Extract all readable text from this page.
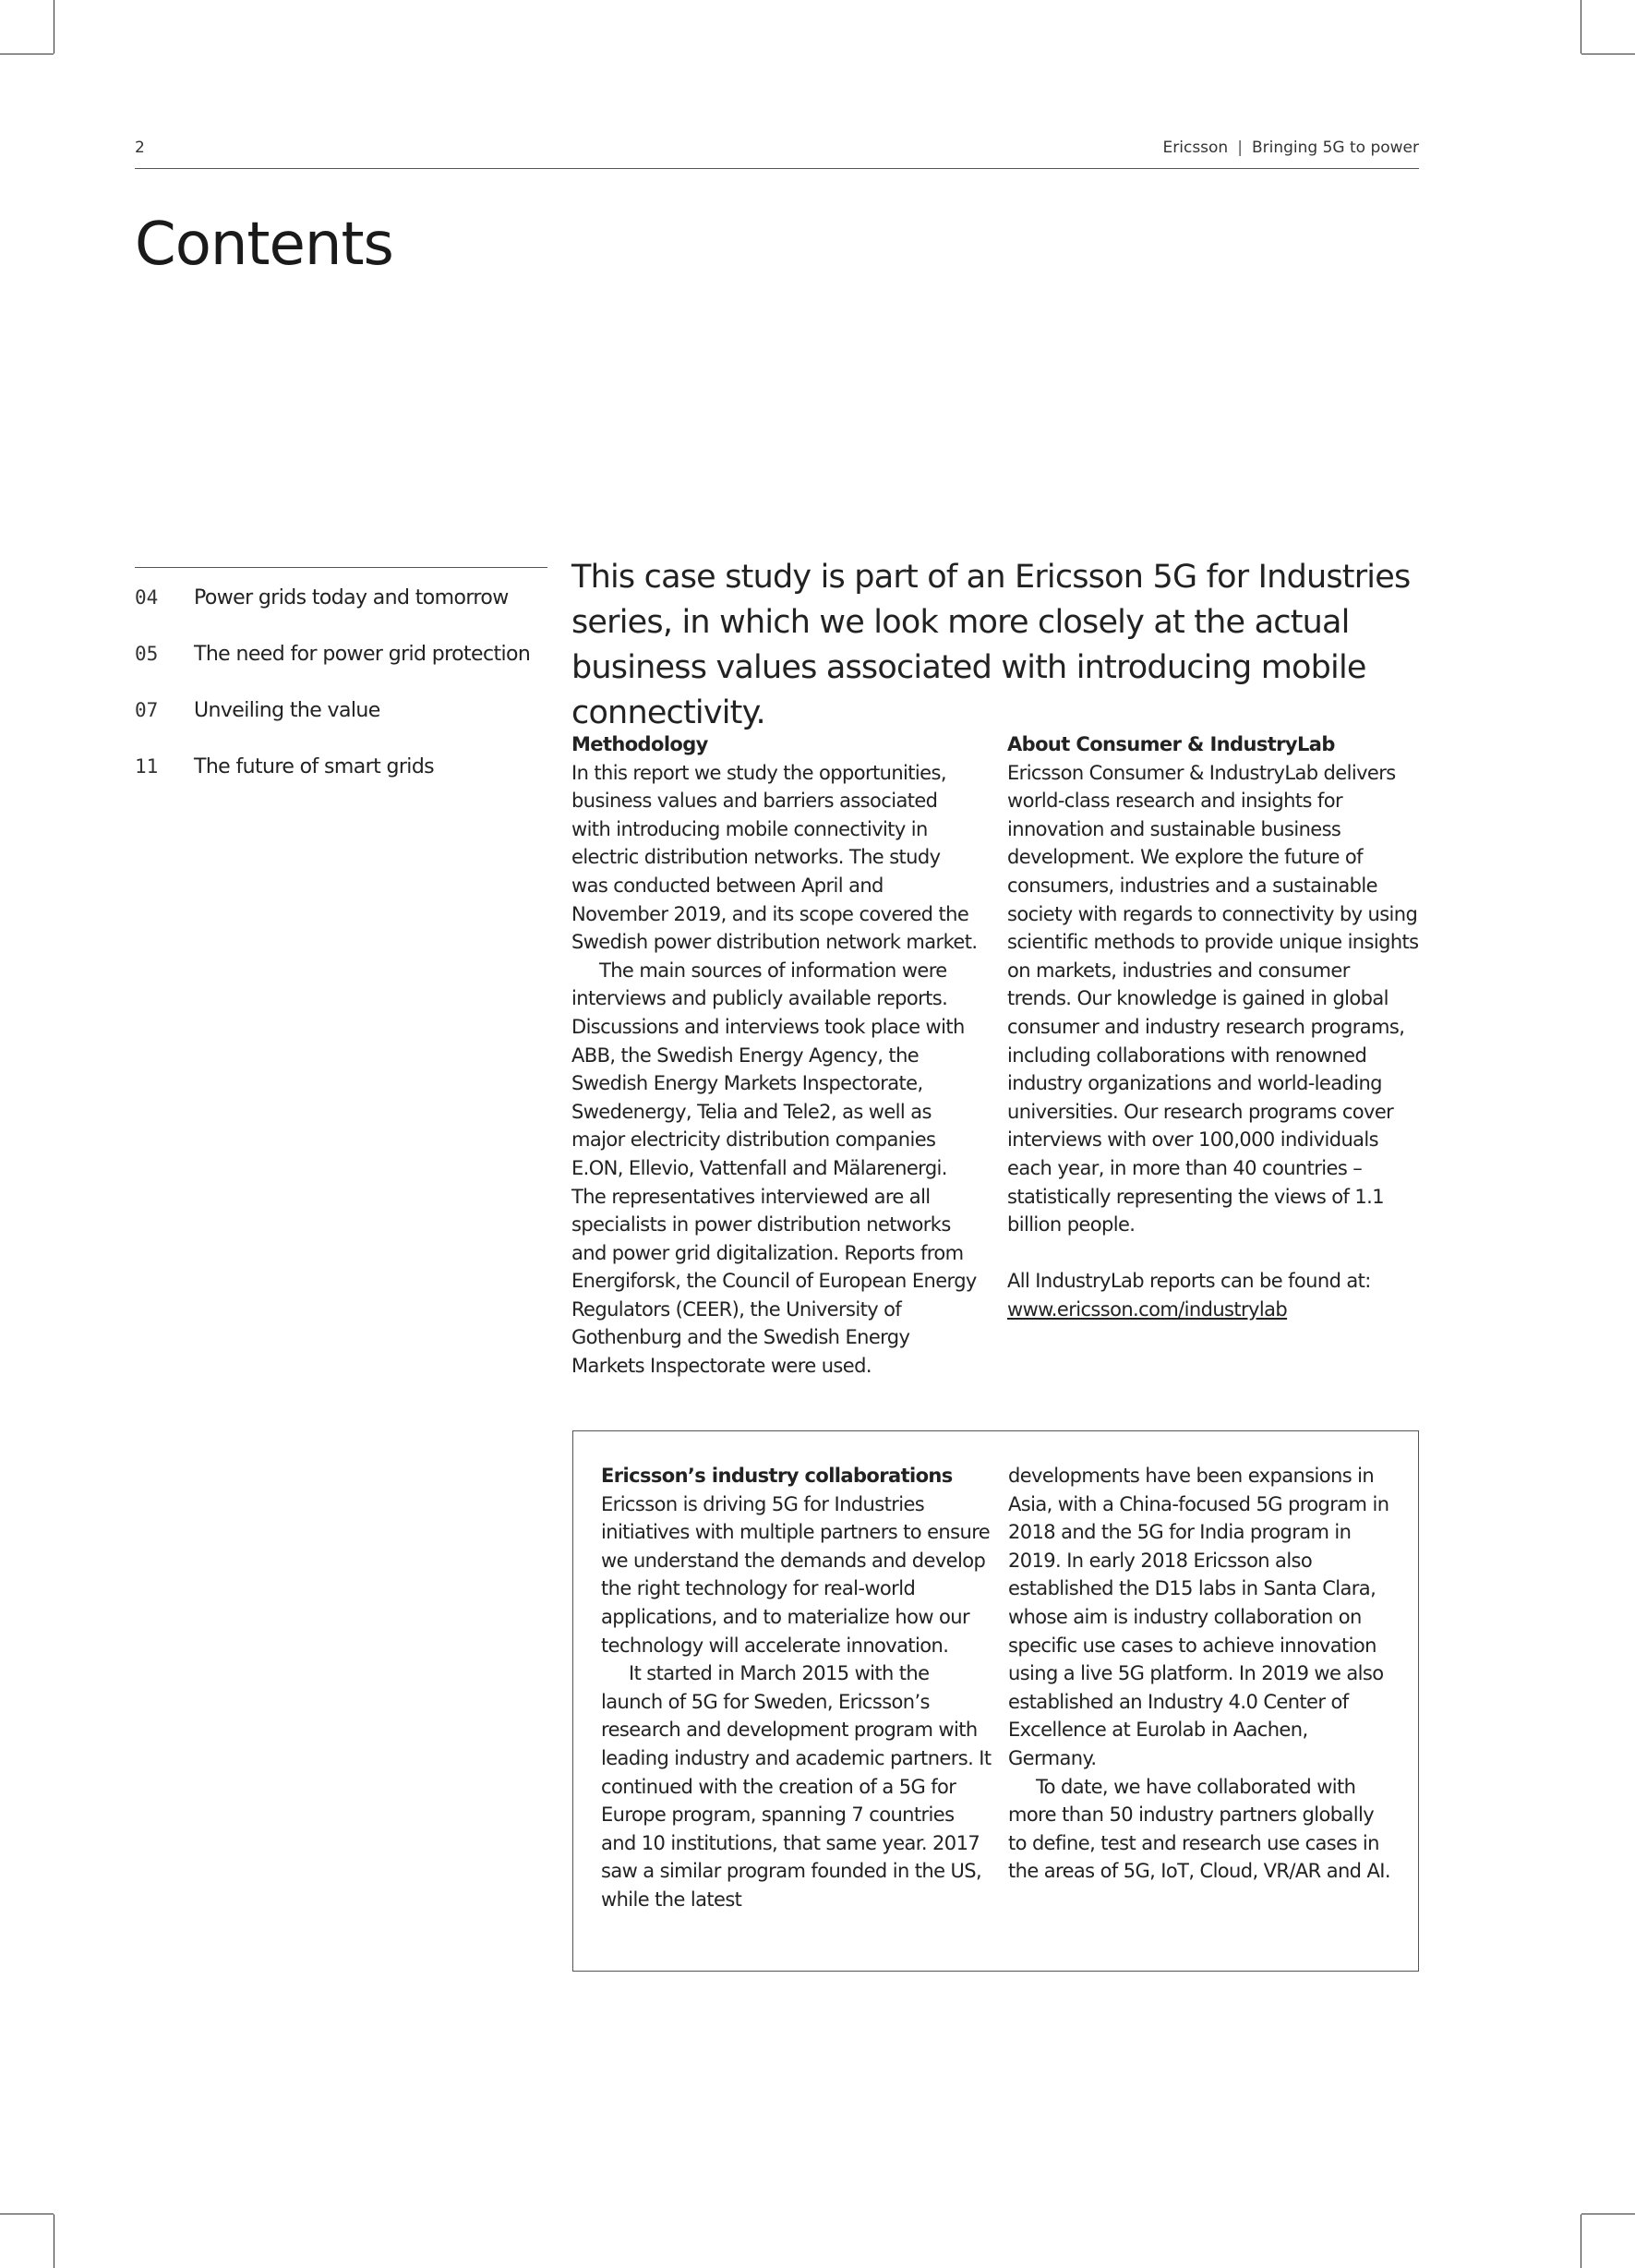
2	Ericsson | Bringing 5G to power
Contents
04	Power grids today and tomorrow
05	The need for power grid protection
07	Unveiling the value
11	The future of smart grids
This case study is part of an Ericsson 5G for Industries series, in which we look more closely at the actual business values associated with introducing mobile connectivity.
Methodology

In this report we study the opportunities, business values and barriers associated with introducing mobile connectivity in electric distribution networks. The study was conducted between April and November 2019, and its scope covered the Swedish power distribution network market.

The main sources of information were interviews and publicly available reports. Discussions and interviews took place with ABB, the Swedish Energy Agency, the Swedish Energy Markets Inspectorate, Swedenergy, Telia and Tele2, as well as major electricity distribution companies E.ON, Ellevio, Vattenfall and Mälarenergi. The representatives interviewed are all specialists in power distribution networks and power grid digitalization. Reports from Energiforsk, the Council of European Energy Regulators (CEER), the University of Gothenburg and the Swedish Energy Markets Inspectorate were used.

About Consumer & IndustryLab

Ericsson Consumer & IndustryLab delivers world-class research and insights for innovation and sustainable business development. We explore the future of consumers, industries and a sustainable society with regards to connectivity by using scientific methods to provide unique insights on markets, industries and consumer trends. Our knowledge is gained in global consumer and industry research programs, including collaborations with renowned industry organizations and world-leading universities. Our research programs cover interviews with over 100,000 individuals each year, in more than 40 countries – statistically representing the views of 1.1 billion people.

All IndustryLab reports can be found at:

www.ericsson.com/industrylab
Ericsson’s industry collaborations

Ericsson is driving 5G for Industries initiatives with multiple partners to ensure we understand the demands and develop the right technology for real-world applications, and to materialize how our technology will accelerate innovation.

It started in March 2015 with the launch of 5G for Sweden, Ericsson’s research and development program with leading industry and academic partners. It continued with the creation of a 5G for Europe program, spanning 7 countries and 10 institutions, that same year. 2017 saw a similar program founded in the US, while the latest

developments have been expansions in Asia, with a China-focused 5G program in 2018 and the 5G for India program in 2019. In early 2018 Ericsson also established the D15 labs in Santa Clara, whose aim is industry collaboration on specific use cases to achieve innovation using a live 5G platform. In 2019 we also established an Industry 4.0 Center of Excellence at Eurolab in Aachen, Germany.

To date, we have collaborated with more than 50 industry partners globally to define, test and research use cases in the areas of 5G, IoT, Cloud, VR/AR and AI.
